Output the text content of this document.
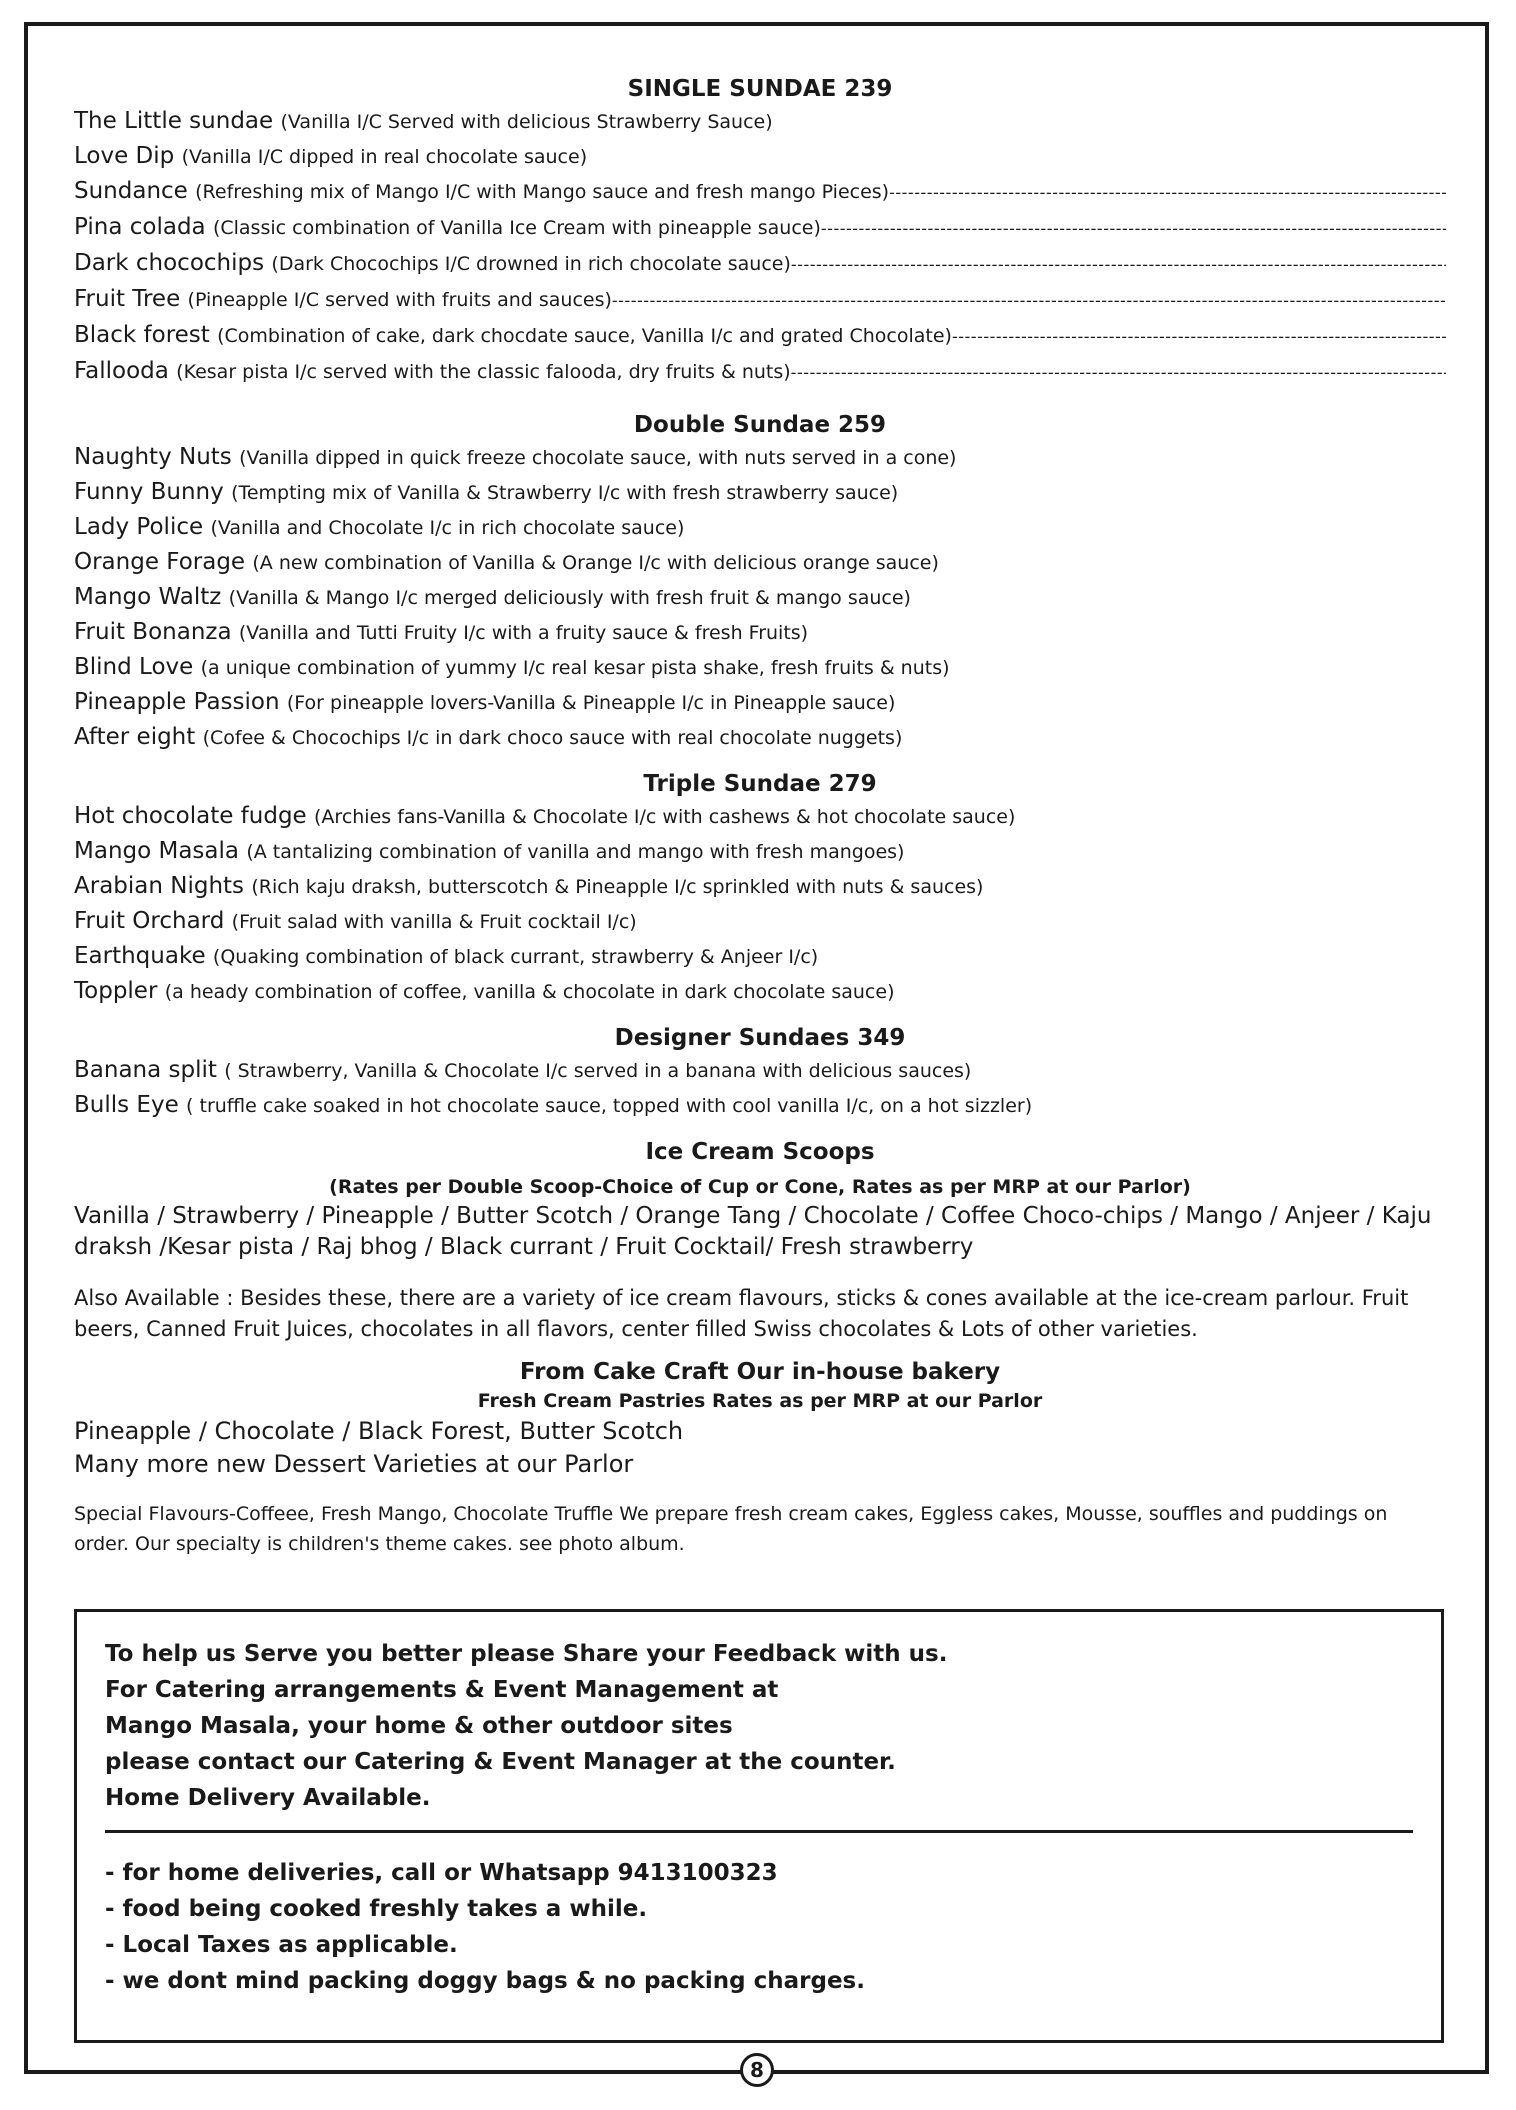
SINGLE SUNDAE 239
The Little sundae (Vanilla I/C Served with delicious Strawberry Sauce)
Love Dip (Vanilla I/C dipped in real chocolate sauce)
Sundance (Refreshing mix of Mango I/C with Mango sauce and fresh mango Pieces) -----
Pina colada (Classic combination of Vanilla Ice Cream with pineapple sauce) -----
Dark chocochips (Dark Chocochips I/C drowned in rich chocolate sauce) -----
Fruit Tree (Pineapple I/C served with fruits and sauces) -----
Black forest (Combination of cake, dark chocdate sauce, Vanilla I/c and grated Chocolate) -----
Fallooda (Kesar pista I/c served with the classic falooda, dry fruits & nuts) -----
Double Sundae 259
Naughty Nuts (Vanilla dipped in quick freeze chocolate sauce, with nuts served in a cone)
Funny Bunny (Tempting mix of Vanilla & Strawberry I/c with fresh strawberry sauce)
Lady Police (Vanilla and Chocolate I/c in rich chocolate sauce)
Orange Forage (A new combination of Vanilla & Orange I/c with delicious orange sauce)
Mango Waltz (Vanilla & Mango I/c merged deliciously with fresh fruit & mango sauce)
Fruit Bonanza (Vanilla and Tutti Fruity I/c with a fruity sauce & fresh Fruits)
Blind Love (a unique combination of yummy I/c real kesar pista shake, fresh fruits & nuts)
Pineapple Passion (For pineapple lovers-Vanilla & Pineapple I/c in Pineapple sauce)
After eight (Cofee & Chocochips I/c in dark choco sauce with real chocolate nuggets)
Triple Sundae 279
Hot chocolate fudge (Archies fans-Vanilla & Chocolate I/c with cashews & hot chocolate sauce)
Mango Masala (A tantalizing combination of vanilla and mango with fresh mangoes)
Arabian Nights (Rich kaju draksh, butterscotch & Pineapple I/c sprinkled with nuts & sauces)
Fruit Orchard (Fruit salad with vanilla & Fruit cocktail I/c)
Earthquake (Quaking combination of black currant, strawberry & Anjeer I/c)
Toppler (a heady combination of coffee, vanilla & chocolate in dark chocolate sauce)
Designer Sundaes 349
Banana split ( Strawberry, Vanilla & Chocolate I/c served in a banana with delicious sauces)
Bulls Eye ( truffle cake soaked in hot chocolate sauce, topped with cool vanilla I/c, on a hot sizzler)
Ice Cream Scoops
(Rates per Double Scoop-Choice of Cup or Cone, Rates as per MRP at our Parlor)
Vanilla / Strawberry / Pineapple / Butter Scotch / Orange Tang / Chocolate / Coffee Choco-chips / Mango / Anjeer / Kaju
draksh /Kesar pista / Raj bhog / Black currant / Fruit Cocktail/ Fresh strawberry
Also Available : Besides these, there are a variety of ice cream flavours, sticks & cones available at the ice-cream parlour. Fruit
beers, Canned Fruit Juices, chocolates in all flavors, center filled Swiss chocolates & Lots of other varieties.
From Cake Craft Our in-house bakery
Fresh Cream Pastries Rates as per MRP at our Parlor
Pineapple / Chocolate / Black Forest, Butter Scotch
Many more new Dessert Varieties at our Parlor
Special Flavours-Coffeee, Fresh Mango, Chocolate Truffle We prepare fresh cream cakes, Eggless cakes, Mousse, souffles and puddings on
order. Our specialty is children's theme cakes. see photo album.
To help us Serve you better please Share your Feedback with us.
For Catering arrangements & Event Management at
Mango Masala, your home & other outdoor sites
please contact our Catering & Event Manager at the counter.
Home Delivery Available.
- for home deliveries, call or Whatsapp 9413100323
- food being cooked freshly takes a while.
- Local Taxes as applicable.
- we dont mind packing doggy bags & no packing charges.
8
